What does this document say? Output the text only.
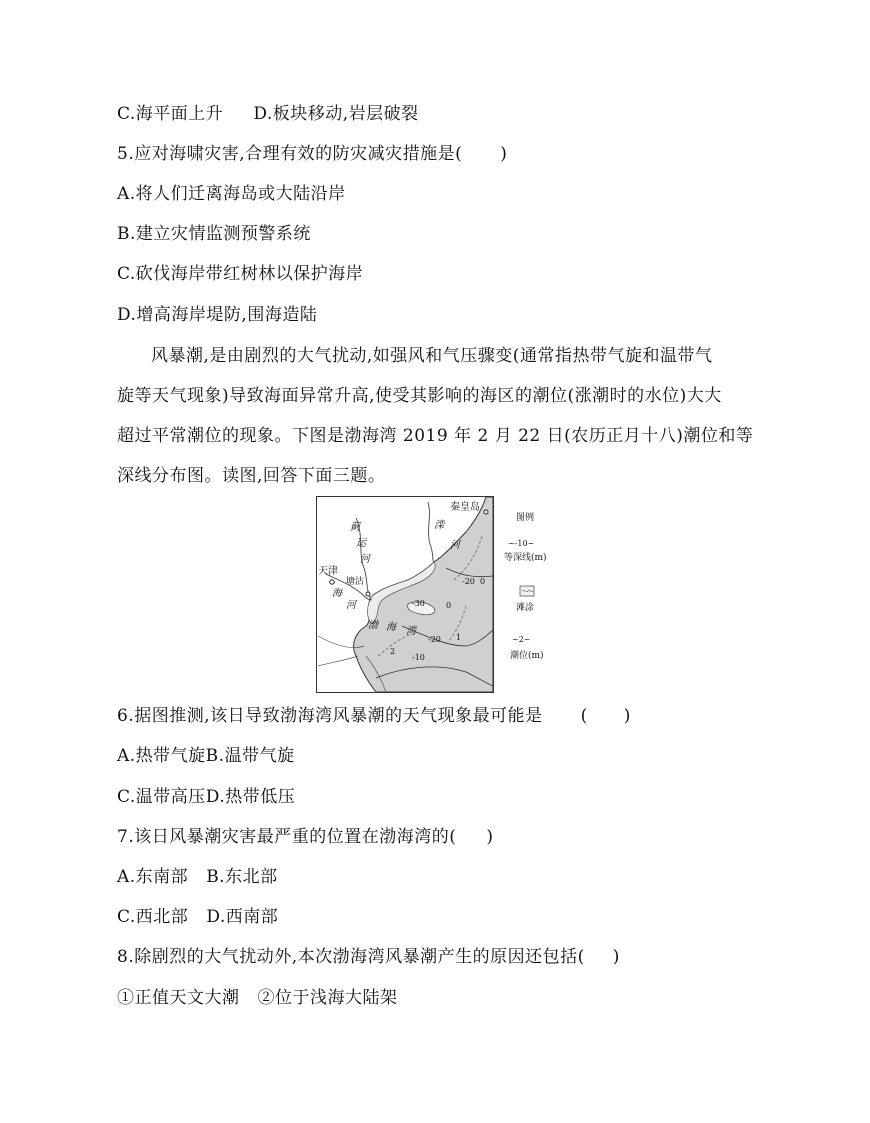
C.海平面上升 D.板块移动,岩层破裂
5.应对海啸灾害,合理有效的防灾减灾措施是( )
A.将人们迁离海岛或大陆沿岸
B.建立灾情监测预警系统
C.砍伐海岸带红树林以保护海岸
D.增高海岸堤防,围海造陆
风暴潮,是由剧烈的大气扰动,如强风和气压骤变(通常指热带气旋和温带气
旋等天气现象)导致海面异常升高,使受其影响的海区的潮位(涨潮时的水位)大大
超过平常潮位的现象。下图是渤海湾 2019 年 2 月 22 日(农历正月十八)潮位和等
深线分布图。读图,回答下面三题。
秦皇岛
天津
塘沽
蓟
运
河
滦
河
海
河
渤 海 湾
-20
-30
-20
-10
0
0
1
2
图例
~-10~
等深线(m)
滩涂
~2~
潮位(m)
6.据图推测,该日导致渤海湾风暴潮的天气现象最可能是 ( )
A.热带气旋B.温带气旋
C.温带高压D.热带低压
7.该日风暴潮灾害最严重的位置在渤海湾的( )
A.东南部 B.东北部
C.西北部 D.西南部
8.除剧烈的大气扰动外,本次渤海湾风暴潮产生的原因还包括( )
①正值天文大潮 ②位于浅海大陆架
